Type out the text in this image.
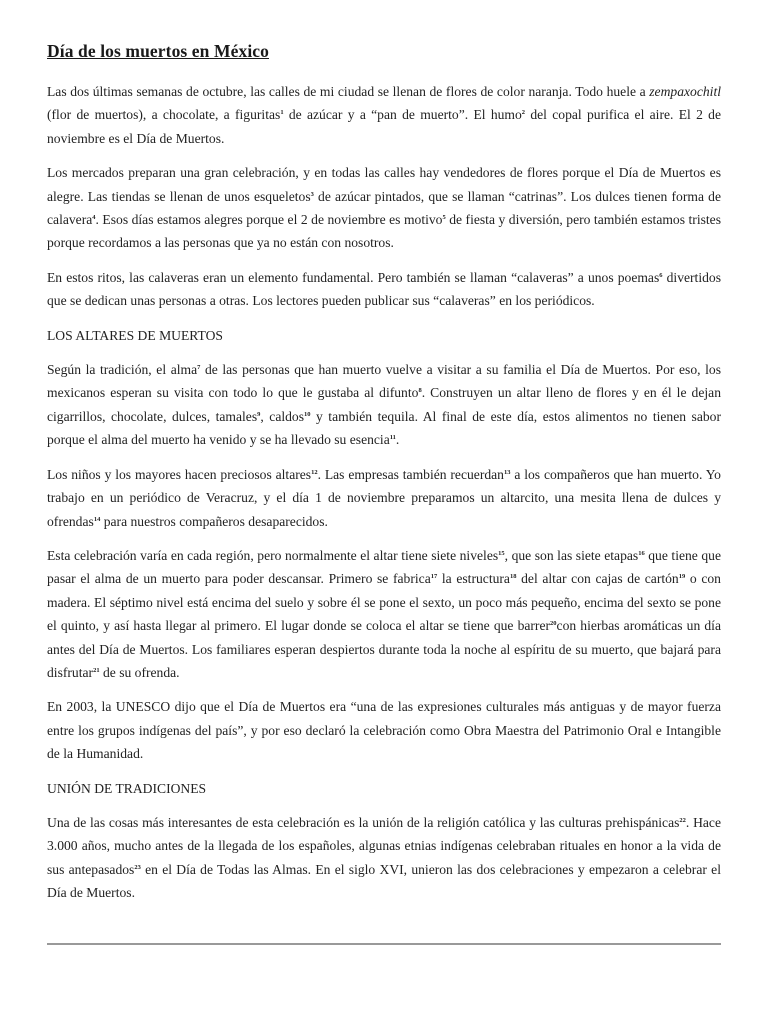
Día de los muertos en México

Las dos últimas semanas de octubre, las calles de mi ciudad se llenan de flores de color naranja. Todo huele a zempaxochitl (flor de muertos), a chocolate, a figuritas$^1$ de azúcar y a “pan de muerto”. El humo$^2$ del copal purifica el aire. El 2 de noviembre es el Día de Muertos.

Los mercados preparan una gran celebración, y en todas las calles hay vendedores de flores porque el Día de Muertos es alegre. Las tiendas se llenan de unos esqueletos$^3$ de azúcar pintados, que se llaman “catrinas”. Los dulces tienen forma de calavera$^4$. Esos días estamos alegres porque el 2 de noviembre es motivo$^5$ de fiesta y diversión, pero también estamos tristes porque recordamos a las personas que ya no están con nosotros.

En estos ritos, las calaveras eran un elemento fundamental. Pero también se llaman “calaveras” a unos poemas$^6$ divertidos que se dedican unas personas a otras. Los lectores pueden publicar sus “calaveras” en los periódicos.

LOS ALTARES DE MUERTOS

Según la tradición, el alma$^7$ de las personas que han muerto vuelve a visitar a su familia el Día de Muertos. Por eso, los mexicanos esperan su visita con todo lo que le gustaba al difunto$^8$. Construyen un altar lleno de flores y en él le dejan cigarrillos, chocolate, dulces, tamales$^9$, caldos$^{10}$ y también tequila. Al final de este día, estos alimentos no tienen sabor porque el alma del muerto ha venido y se ha llevado su esencia$^{11}$.

Los niños y los mayores hacen preciosos altares$^{12}$. Las empresas también recuerdan$^{13}$ a los compañeros que han muerto. Yo trabajo en un periódico de Veracruz, y el día 1 de noviembre preparamos un altarcito, una mesita llena de dulces y ofrendas$^{14}$ para nuestros compañeros desaparecidos.

Esta celebración varía en cada región, pero normalmente el altar tiene siete niveles$^{15}$, que son las siete etapas$^{16}$ que tiene que pasar el alma de un muerto para poder descansar. Primero se fabrica$^{17}$ la estructura$^{18}$ del altar con cajas de cartón$^{19}$ o con madera. El séptimo nivel está encima del suelo y sobre él se pone el sexto, un poco más pequeño, encima del sexto se pone el quinto, y así hasta llegar al primero. El lugar donde se coloca el altar se tiene que barrer$^{20}$con hierbas aromáticas un día antes del Día de Muertos. Los familiares esperan despiertos durante toda la noche al espíritu de su muerto, que bajará para disfrutar$^{21}$ de su ofrenda.

En 2003, la UNESCO dijo que el Día de Muertos era “una de las expresiones culturales más antiguas y de mayor fuerza entre los grupos indígenas del país”, y por eso declaró la celebración como Obra Maestra del Patrimonio Oral e Intangible de la Humanidad.

UNIÓN DE TRADICIONES

Una de las cosas más interesantes de esta celebración es la unión de la religión católica y las culturas prehispánicas$^{22}$. Hace 3.000 años, mucho antes de la llegada de los españoles, algunas etnias indígenas celebraban rituales en honor a la vida de sus antepasados$^{23}$ en el Día de Todas las Almas. En el siglo XVI, unieron las dos celebraciones y empezaron a celebrar el Día de Muertos.
